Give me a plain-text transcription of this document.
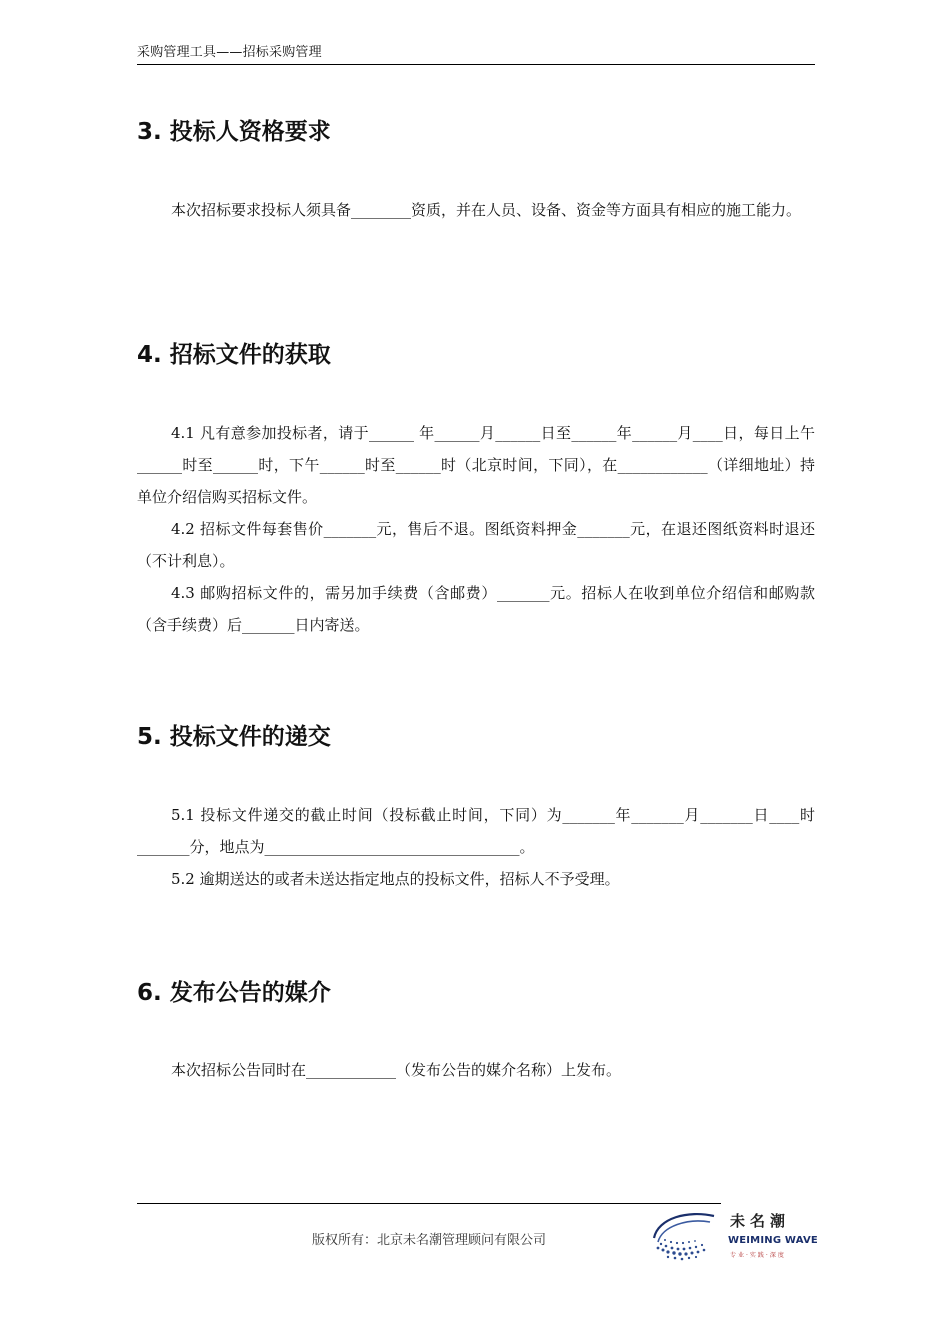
采购管理工具——招标采购管理
3. 投标人资格要求

本次招标要求投标人须具备________资质，并在人员、设备、资金等方面具有相应的施工能力。

4. 招标文件的获取

4.1 凡有意参加投标者，请于______ 年______月______日至______年______月____日，每日上午______时至______时，下午______时至______时（北京时间，下同），在____________（详细地址）持单位介绍信购买招标文件。

4.2 招标文件每套售价_______元，售后不退。图纸资料押金_______元，在退还图纸资料时退还（不计利息）。

4.3 邮购招标文件的，需另加手续费（含邮费）_______元。招标人在收到单位介绍信和邮购款（含手续费）后_______日内寄送。

5. 投标文件的递交

5.1 投标文件递交的截止时间（投标截止时间，下同）为_______年_______月_______日____时_______分，地点为__________________________________。

5.2 逾期送达的或者未送达指定地点的投标文件，招标人不予受理。

6. 发布公告的媒介

本次招标公告同时在____________（发布公告的媒介名称）上发布。

版权所有：北京未名潮管理顾问有限公司
未名潮
WEIMING WAVE
专业·实践·深度
